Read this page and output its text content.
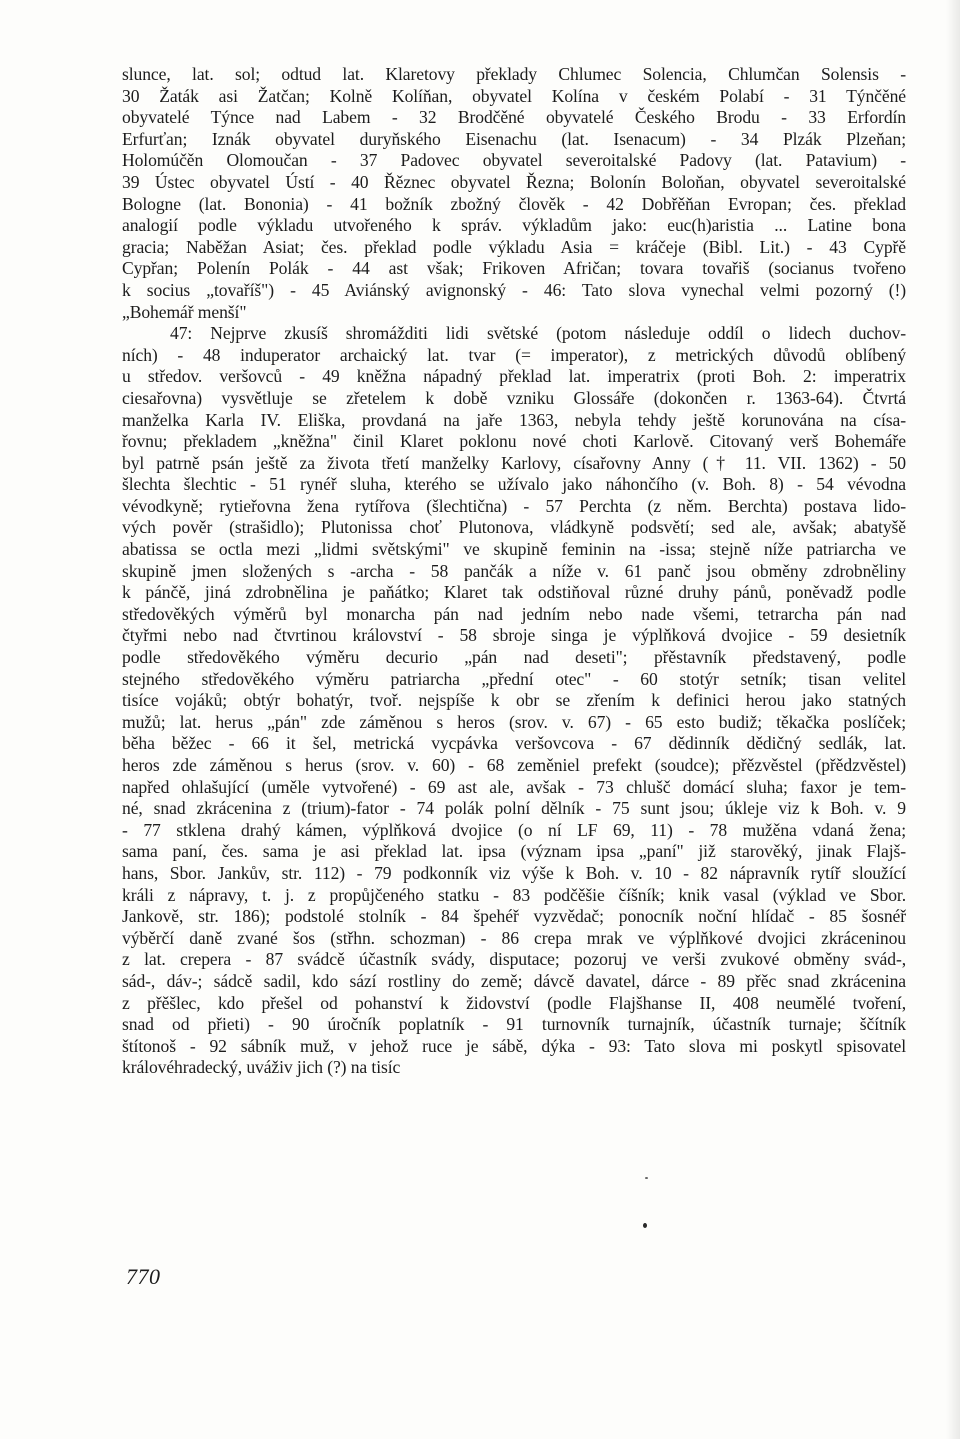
slunce, lat. sol; odtud lat. Klaretovy překlady Chlumec Solencia, Chlumčan Solensis -
30 Žaták asi Žatčan; Kolně Kolíňan, obyvatel Kolína v českém Polabí - 31 Týnčěné
obyvatelé Týnce nad Labem - 32 Brodčěné obyvatelé Českého Brodu - 33 Erfordín
Erfurťan; Iznák obyvatel duryňského Eisenachu (lat. Isenacum) - 34 Plzák Plzeňan;
Holomúčěn Olomoučan - 37 Padovec obyvatel severoitalské Padovy (lat. Patavium) -
39 Ústec obyvatel Ústí - 40 Řěznec obyvatel Řezna; Bolonín Boloňan, obyvatel severoitalské
Bologne (lat. Bononia) - 41 božník zbožný člověk - 42 Dobřěňan Evropan; čes. překlad
analogií podle výkladu utvořeného k správ. výkladům jako: euc(h)aristia ... Latine bona
gracia; Naběžan Asiat; čes. překlad podle výkladu Asia = kráčeje (Bibl. Lit.) - 43 Cypřě
Cypřan; Polenín Polák - 44 ast však; Frikoven Afričan; tovara tovařiš (socianus tvořeno
k socius „tovaříš") - 45 Aviánský avignonský - 46: Tato slova vynechal velmi pozorný (!)
„Bohemář menší"
47: Nejprve zkusíš shromážditi lidi světské (potom následuje oddíl o lidech duchov-
ních) - 48 induperator archaický lat. tvar (= imperator), z metrických důvodů oblíbený
u středov. veršovců - 49 kněžna nápadný překlad lat. imperatrix (proti Boh. 2: imperatrix
ciesařovna) vysvětluje se zřetelem k době vzniku Glossáře (dokončen r. 1363-64). Čtvrtá
manželka Karla IV. Eliška, provdaná na jaře 1363, nebyla tehdy ještě korunována na císa-
řovnu; překladem „kněžna" činil Klaret poklonu nové choti Karlově. Citovaný verš Bohemáře
byl patrně psán ještě za života třetí manželky Karlovy, císařovny Anny († 11. VII. 1362) - 50
šlechta šlechtic - 51 rynéř sluha, kterého se užívalo jako náhončího (v. Boh. 8) - 54 vévodna
vévodkyně; rytieřovna žena rytířova (šlechtična) - 57 Perchta (z něm. Berchta) postava lido-
vých pověr (strašidlo); Plutonissa choť Plutonova, vládkyně podsvětí; sed ale, avšak; abatyšě
abatissa se octla mezi „lidmi světskými" ve skupině feminin na -issa; stejně níže patriarcha ve
skupině jmen složených s -archa - 58 pančák a níže v. 61 panč jsou obměny zdrobněliny
k pánčě, jiná zdrobnělina je paňátko; Klaret tak odstiňoval různé druhy pánů, poněvadž podle
středověkých výměrů byl monarcha pán nad jedním nebo nade všemi, tetrarcha pán nad
čtyřmi nebo nad čtvrtinou království - 58 sbroje singa je výplňková dvojice - 59 desietník
podle středověkého výměru decurio „pán nad deseti"; přěstavník představený, podle
stejného středověkého výměru patriarcha „přední otec" - 60 stotýr setník; tisan velitel
tisíce vojáků; obtýr bohatýr, tvoř. nejspíše k obr se zřením k definici herou jako statných
mužů; lat. herus „pán" zde záměnou s heros (srov. v. 67) - 65 esto budiž; těkačka poslíček;
běha běžec - 66 it šel, metrická vycpávka veršovcova - 67 dědinník dědičný sedlák, lat.
heros zde záměnou s herus (srov. v. 60) - 68 zeměniel prefekt (soudce); přězvěstel (přědzvěstel)
napřed ohlašující (uměle vytvořené) - 69 ast ale, avšak - 73 chlušč domácí sluha; faxor je tem-
né, snad zkrácenina z (trium)-fator - 74 polák polní dělník - 75 sunt jsou; úkleje viz k Boh. v. 9
- 77 stklena drahý kámen, výplňková dvojice (o ní LF 69, 11) - 78 mužěna vdaná žena;
sama paní, čes. sama je asi překlad lat. ipsa (význam ipsa „paní" již starověký, jinak Flajš-
hans, Sbor. Jankův, str. 112) - 79 podkonník viz výše k Boh. v. 10 - 82 nápravník rytíř sloužící
králi z nápravy, t. j. z propůjčeného statku - 83 podčěšie číšník; knik vasal (výklad ve Sbor.
Jankově, str. 186); podstolé stolník - 84 špehéř vyzvědač; ponocník noční hlídač - 85 šosnéř
výběrčí daně zvané šos (střhn. schozman) - 86 crepa mrak ve výplňkové dvojici zkráceninou
z lat. crepera - 87 svádcě účastník svády, disputace; pozoruj ve verši zvukové obměny svád-,
sád-, dáv-; sádcě sadil, kdo sází rostliny do země; dávcě davatel, dárce - 89 přěc snad zkrácenina
z přěšlec, kdo přešel od pohanství k židovství (podle Flajšhanse II, 408 neumělé tvoření,
snad od přieti) - 90 úročník poplatník - 91 turnovník turnajník, účastník turnaje; ščítník
štítonoš - 92 sábník muž, v jehož ruce je sábě, dýka - 93: Tato slova mi poskytl spisovatel
královéhradecký, uváživ jich (?) na tisíc
770
